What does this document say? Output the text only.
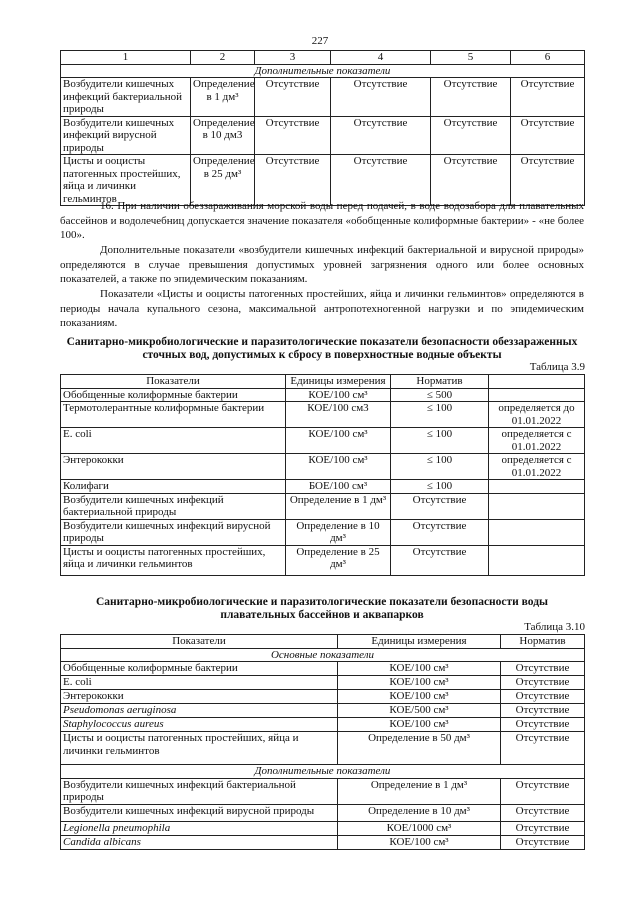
227
1	2	3	4	5	6
Дополнительные показатели					
Возбудители кишечных инфекций бактериальной природы	Определение в 1 дм³	Отсутствие	Отсутствие	Отсутствие	Отсутствие
Возбудители кишечных инфекций вирусной природы	Определение в 10 дм3	Отсутствие	Отсутствие	Отсутствие	Отсутствие
Цисты и ооцисты патогенных простейших, яйца и личинки гельминтов	Определение в 25 дм³	Отсутствие	Отсутствие	Отсутствие	Отсутствие
16. При наличии обеззараживания морской воды перед подачей, в воде водозабора для плавательных бассейнов и водолечебниц допускается значение показателя «обобщенные колиформные бактерии» - «не более 100».
Дополнительные показатели «возбудители кишечных инфекций бактериальной и вирусной природы» определяются в случае превышения допустимых уровней загрязнения одного или более основных показателей, а также по эпидемическим показаниям.
Показатели «Цисты и ооцисты патогенных простейших, яйца и личинки гельминтов» определяются в периоды начала купального сезона, максимальной антропотехногенной нагрузки и по эпидемическим показаниям.
Санитарно-микробиологические и паразитологические показатели безопасности обеззараженных сточных вод, допустимых к сбросу в поверхностные водные объекты
Таблица 3.9
Показатели	Единицы измерения	Норматив	
Обобщенные колиформные бактерии	КОЕ/100 см³	≤ 500	
Термотолерантные колиформные бактерии	КОЕ/100 см3	≤ 100	определяется до 01.01.2022
E. coli	КОЕ/100 см³	≤ 100	определяется с 01.01.2022
Энтерококки	КОЕ/100 см³	≤ 100	определяется с 01.01.2022
Колифаги	БОЕ/100 см³	≤ 100	
Возбудители кишечных инфекций бактериальной природы	Определение в 1 дм³	Отсутствие	
Возбудители кишечных инфекций вирусной природы	Определение в 10 дм³	Отсутствие	
Цисты и ооцисты патогенных простейших, яйца и личинки гельминтов	Определение в 25 дм³	Отсутствие	
Санитарно-микробиологические и паразитологические показатели безопасности воды плавательных бассейнов и аквапарков
Таблица 3.10
Показатели	Единицы измерения	Норматив
Основные показатели		
Обобщенные колиформные бактерии	КОЕ/100 см³	Отсутствие
E. coli	КОЕ/100 см³	Отсутствие
Энтерококки	КОЕ/100 см³	Отсутствие
Pseudomonas aeruginosa	КОЕ/500 см³	Отсутствие
Staphylococcus aureus	КОЕ/100 см³	Отсутствие
Цисты и ооцисты патогенных простейших, яйца и личинки гельминтов	Определение в 50 дм³	Отсутствие
Дополнительные показатели		
Возбудители кишечных инфекций бактериальной природы	Определение в 1 дм³	Отсутствие
Возбудители кишечных инфекций вирусной природы	Определение в 10 дм³	Отсутствие
Legionella pneumophila	КОЕ/1000 см³	Отсутствие
Candida albicans	КОЕ/100 см³	Отсутствие
